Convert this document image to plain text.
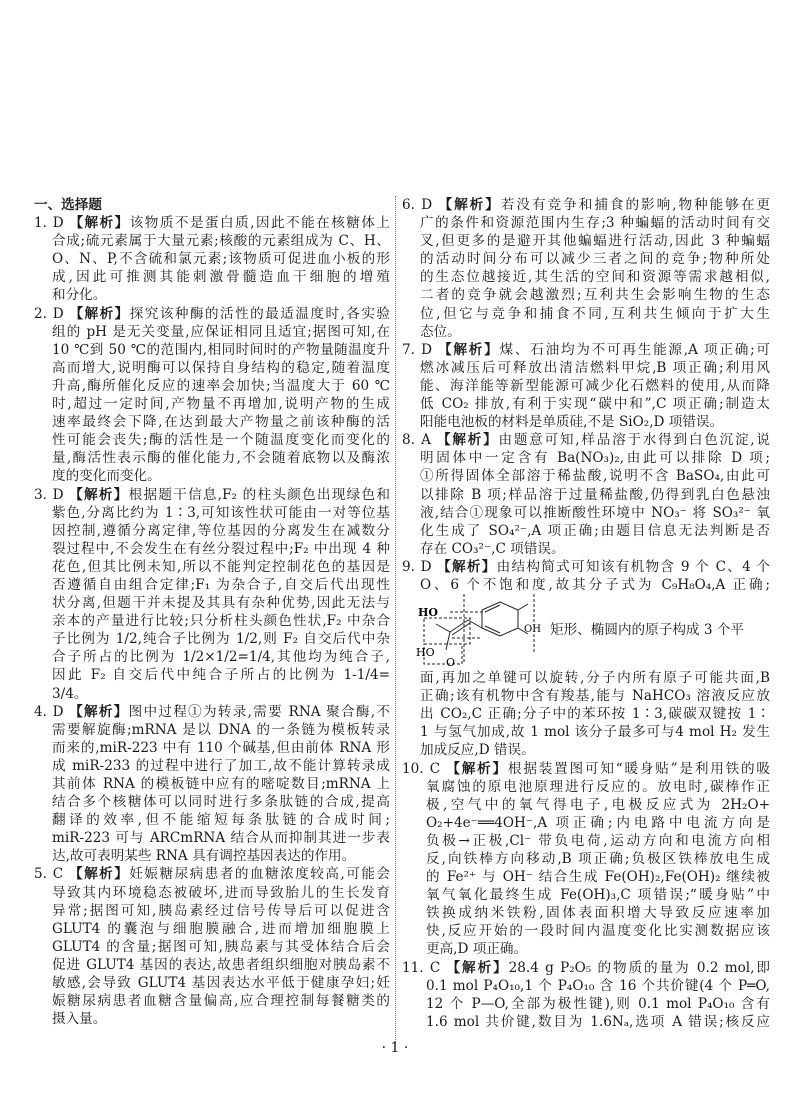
一、选择题
1. D 【解析】该物质不是蛋白质,因此不能在核糖体上
合成;硫元素属于大量元素;核酸的元素组成为 C、H、
O、N、P,不含硫和氯元素;该物质可促进血小板的形
成,因此可推测其能刺激骨髓造血干细胞的增殖
和分化。
2. D 【解析】探究该种酶的活性的最适温度时,各实验
组的 pH 是无关变量,应保证相同且适宜;据图可知,在
10 ℃到 50 ℃的范围内,相同时间时的产物量随温度升
高而增大,说明酶可以保持自身结构的稳定,随着温度
升高,酶所催化反应的速率会加快;当温度大于 60 ℃
时,超过一定时间,产物量不再增加,说明产物的生成
速率最终会下降,在达到最大产物量之前该种酶的活
性可能会丧失;酶的活性是一个随温度变化而变化的
量,酶活性表示酶的催化能力,不会随着底物以及酶浓
度的变化而变化。
3. D 【解析】根据题干信息,F₂ 的柱头颜色出现绿色和
紫色,分离比约为 1∶3,可知该性状可能由一对等位基
因控制,遵循分离定律,等位基因的分离发生在减数分
裂过程中,不会发生在有丝分裂过程中;F₂ 中出现 4 种
花色,但其比例未知,所以不能判定控制花色的基因是
否遵循自由组合定律;F₁ 为杂合子,自交后代出现性
状分离,但题干并未提及其具有杂种优势,因此无法与
亲本的产量进行比较;只分析柱头颜色性状,F₂ 中杂合
子比例为 1/2,纯合子比例为 1/2,则 F₂ 自交后代中杂
合子所占的比例为 1/2×1/2=1/4,其他均为纯合子,
因此 F₂ 自交后代中纯合子所占的比例为 1-1/4=
3/4。
4. D 【解析】图中过程①为转录,需要 RNA 聚合酶,不
需要解旋酶;mRNA 是以 DNA 的一条链为模板转录
而来的,miR-223 中有 110 个碱基,但由前体 RNA 形
成 miR-233 的过程中进行了加工,故不能计算转录成
其前体 RNA 的模板链中应有的嘧啶数目;mRNA 上
结合多个核糖体可以同时进行多条肽链的合成,提高
翻译的效率,但不能缩短每条肽链的合成时间;
miR-223 可与 ARCmRNA 结合从而抑制其进一步表
达,故可表明某些 RNA 具有调控基因表达的作用。
5. C 【解析】妊娠糖尿病患者的血糖浓度较高,可能会
导致其内环境稳态被破坏,进而导致胎儿的生长发育
异常;据图可知,胰岛素经过信号传导后可以促进含
GLUT4 的囊泡与细胞膜融合,进而增加细胞膜上
GLUT4 的含量;据图可知,胰岛素与其受体结合后会
促进 GLUT4 基因的表达,故患者组织细胞对胰岛素不
敏感,会导致 GLUT4 基因表达水平低于健康孕妇;妊
娠糖尿病患者血糖含量偏高,应合理控制每餐糖类的
摄入量。
6. D 【解析】若没有竞争和捕食的影响,物种能够在更
广的条件和资源范围内生存;3 种蝙蝠的活动时间有交
叉,但更多的是避开其他蝙蝠进行活动,因此 3 种蝙蝠
的活动时间分布可以减少三者之间的竞争;物种所处
的生态位越接近,其生活的空间和资源等需求越相似,
二者的竞争就会越激烈;互利共生会影响生物的生态
位,但它与竞争和捕食不同,互利共生倾向于扩大生
态位。
7. D 【解析】煤、石油均为不可再生能源,A 项正确;可
燃冰减压后可释放出清洁燃料甲烷,B 项正确;利用风
能、海洋能等新型能源可减少化石燃料的使用,从而降
低 CO₂ 排放,有利于实现“碳中和”,C 项正确;制造太
阳能电池板的材料是单质硅,不是 SiO₂,D 项错误。
8. A 【解析】由题意可知,样品溶于水得到白色沉淀,说
明固体中一定含有 Ba(NO₃)₂,由此可以排除 D 项;
①所得固体全部溶于稀盐酸,说明不含 BaSO₄,由此可
以排除 B 项;样品溶于过量稀盐酸,仍得到乳白色悬浊
液,结合①现象可以推断酸性环境中 NO₃⁻ 将 SO₃²⁻ 氧
化生成了 SO₄²⁻,A 项正确;由题目信息无法判断是否
存在 CO₃²⁻,C 项错误。
9. D 【解析】由结构简式可知该有机物含 9 个 C、4 个
O、6 个不饱和度,故其分子式为 C₉H₈O₄,A 正确;
HO
HO
O
OH 矩形、椭圆内的原子构成 3 个平
面,再加之单键可以旋转,分子内所有原子可能共面,B
正确;该有机物中含有羧基,能与 NaHCO₃ 溶液反应放
出 CO₂,C 正确;分子中的苯环按 1∶3,碳碳双键按 1∶
1 与氢气加成,故 1 mol 该分子最多可与4 mol H₂ 发生
加成反应,D 错误。
10. C 【解析】根据装置图可知“暖身贴”是利用铁的吸
氧腐蚀的原电池原理进行反应的。放电时,碳棒作正
极,空气中的氧气得电子,电极反应式为 2H₂O+
O₂+4e⁻══4OH⁻,A 项正确;内电路中电流方向是
负极→正极,Cl⁻ 带负电荷,运动方向和电流方向相
反,向铁棒方向移动,B 项正确;负极区铁棒放电生成
的 Fe²⁺ 与 OH⁻ 结合生成 Fe(OH)₂,Fe(OH)₂ 继续被
氧气氧化最终生成 Fe(OH)₃,C 项错误;“暖身贴”中
铁换成纳米铁粉,固体表面积增大导致反应速率加
快,反应开始的一段时间内温度变化比实测数据应该
更高,D 项正确。
11. C 【解析】28.4 g P₂O₅ 的物质的量为 0.2 mol,即
0.1 mol P₄O₁₀,1 个 P₄O₁₀ 含 16 个共价键(4 个 P═O,
12 个 P—O,全部为极性键),则 0.1 mol P₄O₁₀ 含有
1.6 mol 共价键,数目为 1.6Nₐ,选项 A 错误;核反应
· 1 ·
